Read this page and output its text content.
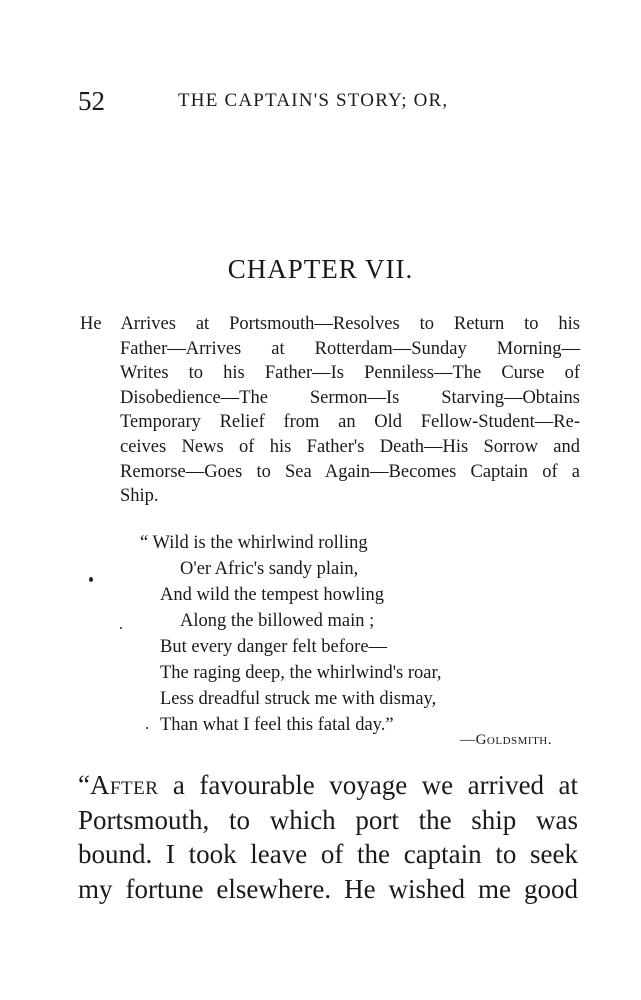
52	THE CAPTAIN'S STORY; OR,
CHAPTER VII.
He Arrives at Portsmouth—Resolves to Return to his
Father—Arrives at Rotterdam—Sunday Morning—
Writes to his Father—Is Penniless—The Curse of
Disobedience—The Sermon—Is Starving—Obtains
Temporary Relief from an Old Fellow-Student—Re-
ceives News of his Father's Death—His Sorrow and
Remorse—Goes to Sea Again—Becomes Captain of a
Ship.
“ Wild is the whirlwind rolling
O'er Afric's sandy plain,
And wild the tempest howling
Along the billowed main ;
But every danger felt before—
The raging deep, the whirlwind's roar,
Less dreadful struck me with dismay,
Than what I feel this fatal day.”
—Goldsmith.
“After a favourable voyage we arrived at
Portsmouth, to which port the ship was
bound. I took leave of the captain to seek
my fortune elsewhere. He wished me good
